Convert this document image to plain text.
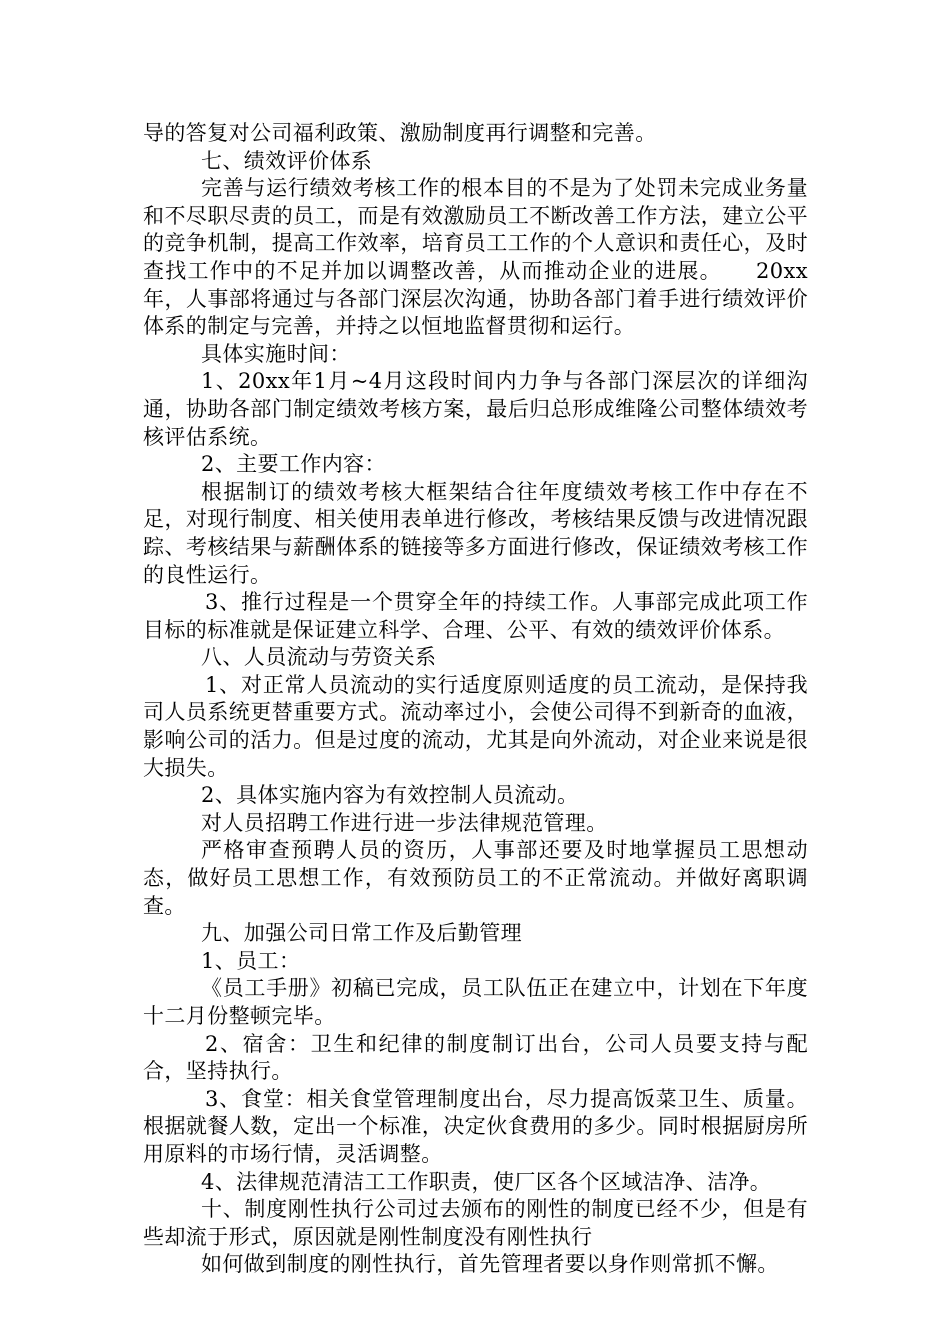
导的答复对公司福利政策、激励制度再行调整和完善。

七、绩效评价体系

完善与运行绩效考核工作的根本目的不是为了处罚未完成业务量和不尽职尽责的员工，而是有效激励员工不断改善工作方法，建立公平的竞争机制，提高工作效率，培育员工工作的个人意识和责任心，及时查找工作中的不足并加以调整改善，从而推动企业的进展。　　20xx年，人事部将通过与各部门深层次沟通，协助各部门着手进行绩效评价体系的制定与完善，并持之以恒地监督贯彻和运行。

具体实施时间：

1、20xx年1月~4月这段时间内力争与各部门深层次的详细沟通，协助各部门制定绩效考核方案，最后归总形成维隆公司整体绩效考核评估系统。

2、主要工作内容：

根据制订的绩效考核大框架结合往年度绩效考核工作中存在不足，对现行制度、相关使用表单进行修改，考核结果反馈与改进情况跟踪、考核结果与薪酬体系的链接等多方面进行修改，保证绩效考核工作的良性运行。

3、推行过程是一个贯穿全年的持续工作。人事部完成此项工作目标的标准就是保证建立科学、合理、公平、有效的绩效评价体系。

八、人员流动与劳资关系

1、对正常人员流动的实行适度原则适度的员工流动，是保持我司人员系统更替重要方式。流动率过小，会使公司得不到新奇的血液，影响公司的活力。但是过度的流动，尤其是向外流动，对企业来说是很大损失。

2、具体实施内容为有效控制人员流动。

对人员招聘工作进行进一步法律规范管理。

严格审查预聘人员的资历，人事部还要及时地掌握员工思想动态，做好员工思想工作，有效预防员工的不正常流动。并做好离职调查。

九、加强公司日常工作及后勤管理

1、员工：

《员工手册》初稿已完成，员工队伍正在建立中，计划在下年度十二月份整顿完毕。

2、宿舍：卫生和纪律的制度制订出台，公司人员要支持与配合，坚持执行。

3、食堂：相关食堂管理制度出台，尽力提高饭菜卫生、质量。根据就餐人数，定出一个标准，决定伙食费用的多少。同时根据厨房所用原料的市场行情，灵活调整。

4、法律规范清洁工工作职责，使厂区各个区域洁净、洁净。

十、制度刚性执行公司过去颁布的刚性的制度已经不少，但是有些却流于形式，原因就是刚性制度没有刚性执行

如何做到制度的刚性执行，首先管理者要以身作则常抓不懈。
